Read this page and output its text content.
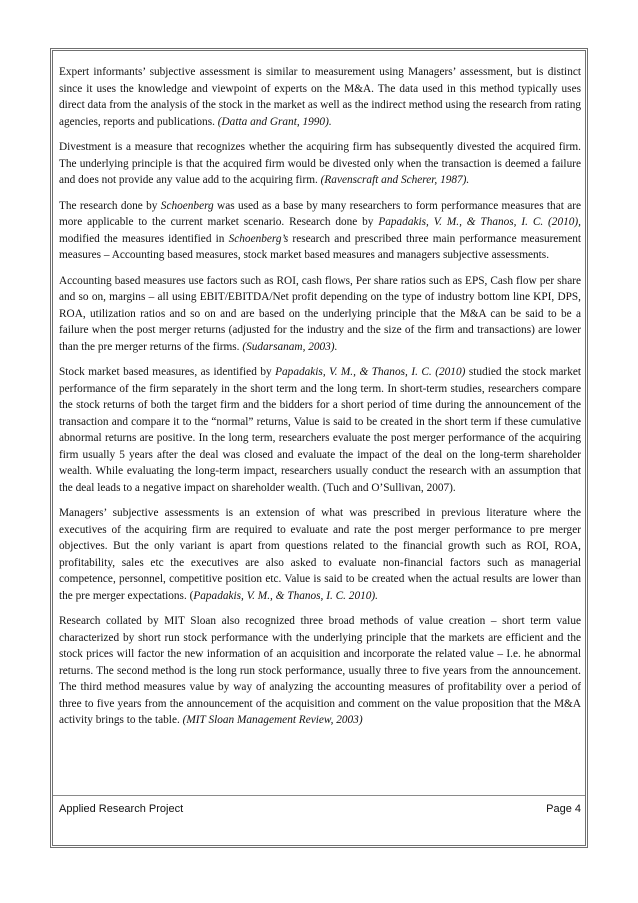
Expert informants’ subjective assessment is similar to measurement using Managers’ assessment, but is distinct since it uses the knowledge and viewpoint of experts on the M&A. The data used in this method typically uses direct data from the analysis of the stock in the market as well as the indirect method using the research from rating agencies, reports and publications. (Datta and Grant, 1990).

Divestment is a measure that recognizes whether the acquiring firm has subsequently divested the acquired firm. The underlying principle is that the acquired firm would be divested only when the transaction is deemed a failure and does not provide any value add to the acquiring firm. (Ravenscraft and Scherer, 1987).

The research done by Schoenberg was used as a base by many researchers to form performance measures that are more applicable to the current market scenario. Research done by Papadakis, V. M., & Thanos, I. C. (2010), modified the measures identified in Schoenberg’s research and prescribed three main performance measurement measures – Accounting based measures, stock market based measures and managers subjective assessments.

Accounting based measures use factors such as ROI, cash flows, Per share ratios such as EPS, Cash flow per share and so on, margins – all using EBIT/EBITDA/Net profit depending on the type of industry bottom line KPI, DPS, ROA, utilization ratios and so on and are based on the underlying principle that the M&A can be said to be a failure when the post merger returns (adjusted for the industry and the size of the firm and transactions) are lower than the pre merger returns of the firms. (Sudarsanam, 2003).

Stock market based measures, as identified by Papadakis, V. M., & Thanos, I. C. (2010) studied the stock market performance of the firm separately in the short term and the long term. In short-term studies, researchers compare the stock returns of both the target firm and the bidders for a short period of time during the announcement of the transaction and compare it to the “normal” returns, Value is said to be created in the short term if these cumulative abnormal returns are positive. In the long term, researchers evaluate the post merger performance of the acquiring firm usually 5 years after the deal was closed and evaluate the impact of the deal on the long-term shareholder wealth. While evaluating the long-term impact, researchers usually conduct the research with an assumption that the deal leads to a negative impact on shareholder wealth. (Tuch and O’Sullivan, 2007).

Managers’ subjective assessments is an extension of what was prescribed in previous literature where the executives of the acquiring firm are required to evaluate and rate the post merger performance to pre merger objectives. But the only variant is apart from questions related to the financial growth such as ROI, ROA, profitability, sales etc the executives are also asked to evaluate non-financial factors such as managerial competence, personnel, competitive position etc. Value is said to be created when the actual results are lower than the pre merger expectations. (Papadakis, V. M., & Thanos, I. C. 2010).

Research collated by MIT Sloan also recognized three broad methods of value creation – short term value characterized by short run stock performance with the underlying principle that the markets are efficient and the stock prices will factor the new information of an acquisition and incorporate the related value – I.e. he abnormal returns. The second method is the long run stock performance, usually three to five years from the announcement. The third method measures value by way of analyzing the accounting measures of profitability over a period of three to five years from the announcement of the acquisition and comment on the value proposition that the M&A activity brings to the table. (MIT Sloan Management Review, 2003)

Applied Research Project	Page 4
